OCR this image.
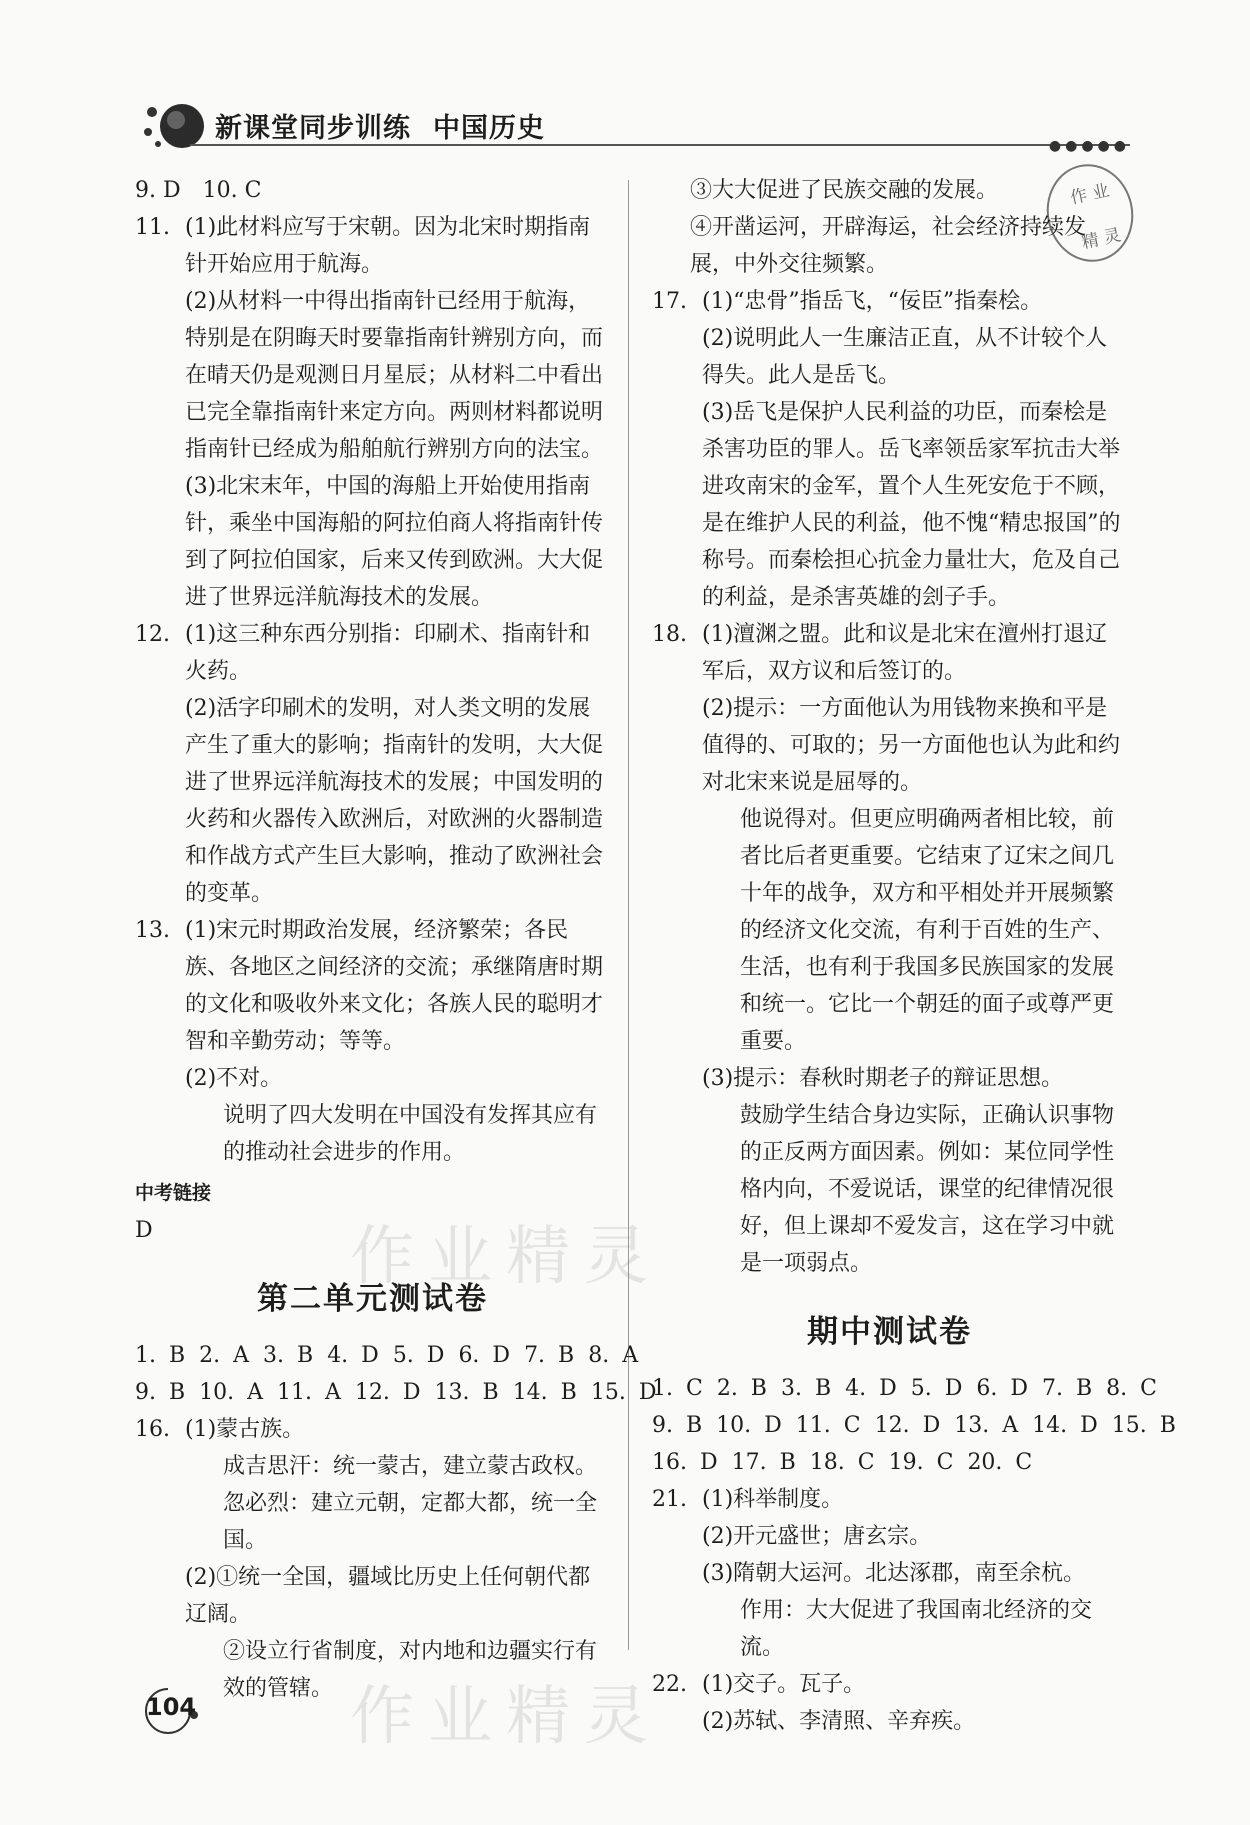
新课堂同步训练 中国历史
●●●●●
作 业
精 灵
9. D　10. C
11. (1)此材料应写于宋朝。因为北宋时期指南针开始应用于航海。
(2)从材料一中得出指南针已经用于航海，特别是在阴晦天时要靠指南针辨别方向，而在晴天仍是观测日月星辰；从材料二中看出已完全靠指南针来定方向。两则材料都说明指南针已经成为船舶航行辨别方向的法宝。
(3)北宋末年，中国的海船上开始使用指南针，乘坐中国海船的阿拉伯商人将指南针传到了阿拉伯国家，后来又传到欧洲。大大促进了世界远洋航海技术的发展。
12. (1)这三种东西分别指：印刷术、指南针和火药。
(2)活字印刷术的发明，对人类文明的发展产生了重大的影响；指南针的发明，大大促进了世界远洋航海技术的发展；中国发明的火药和火器传入欧洲后，对欧洲的火器制造和作战方式产生巨大影响，推动了欧洲社会的变革。
13. (1)宋元时期政治发展，经济繁荣；各民族、各地区之间经济的交流；承继隋唐时期的文化和吸收外来文化；各族人民的聪明才智和辛勤劳动；等等。
(2)不对。
说明了四大发明在中国没有发挥其应有的推动社会进步的作用。
中考链接
D
第二单元测试卷
1. B 2. A 3. B 4. D 5. D 6. D 7. B 8. A
9. B 10. A 11. A 12. D 13. B 14. B 15. D
16. (1)蒙古族。
成吉思汗：统一蒙古，建立蒙古政权。
忽必烈：建立元朝，定都大都，统一全国。
(2)①统一全国，疆域比历史上任何朝代都辽阔。
②设立行省制度，对内地和边疆实行有效的管辖。
③大大促进了民族交融的发展。
④开凿运河，开辟海运，社会经济持续发展，中外交往频繁。
17. (1)“忠骨”指岳飞，“佞臣”指秦桧。
(2)说明此人一生廉洁正直，从不计较个人得失。此人是岳飞。
(3)岳飞是保护人民利益的功臣，而秦桧是杀害功臣的罪人。岳飞率领岳家军抗击大举进攻南宋的金军，置个人生死安危于不顾，是在维护人民的利益，他不愧“精忠报国”的称号。而秦桧担心抗金力量壮大，危及自己的利益，是杀害英雄的刽子手。
18. (1)澶渊之盟。此和议是北宋在澶州打退辽军后，双方议和后签订的。
(2)提示：一方面他认为用钱物来换和平是值得的、可取的；另一方面他也认为此和约对北宋来说是屈辱的。
他说得对。但更应明确两者相比较，前者比后者更重要。它结束了辽宋之间几十年的战争，双方和平相处并开展频繁的经济文化交流，有利于百姓的生产、生活，也有利于我国多民族国家的发展和统一。它比一个朝廷的面子或尊严更重要。
(3)提示：春秋时期老子的辩证思想。
鼓励学生结合身边实际，正确认识事物的正反两方面因素。例如：某位同学性格内向，不爱说话，课堂的纪律情况很好，但上课却不爱发言，这在学习中就是一项弱点。
期中测试卷
1. C 2. B 3. B 4. D 5. D 6. D 7. B 8. C
9. B 10. D 11. C 12. D 13. A 14. D 15. B
16. D 17. B 18. C 19. C 20. C
21. (1)科举制度。
(2)开元盛世；唐玄宗。
(3)隋朝大运河。北达涿郡，南至余杭。
作用：大大促进了我国南北经济的交流。
22. (1)交子。瓦子。
(2)苏轼、李清照、辛弃疾。
作业精灵
作业精灵
104
